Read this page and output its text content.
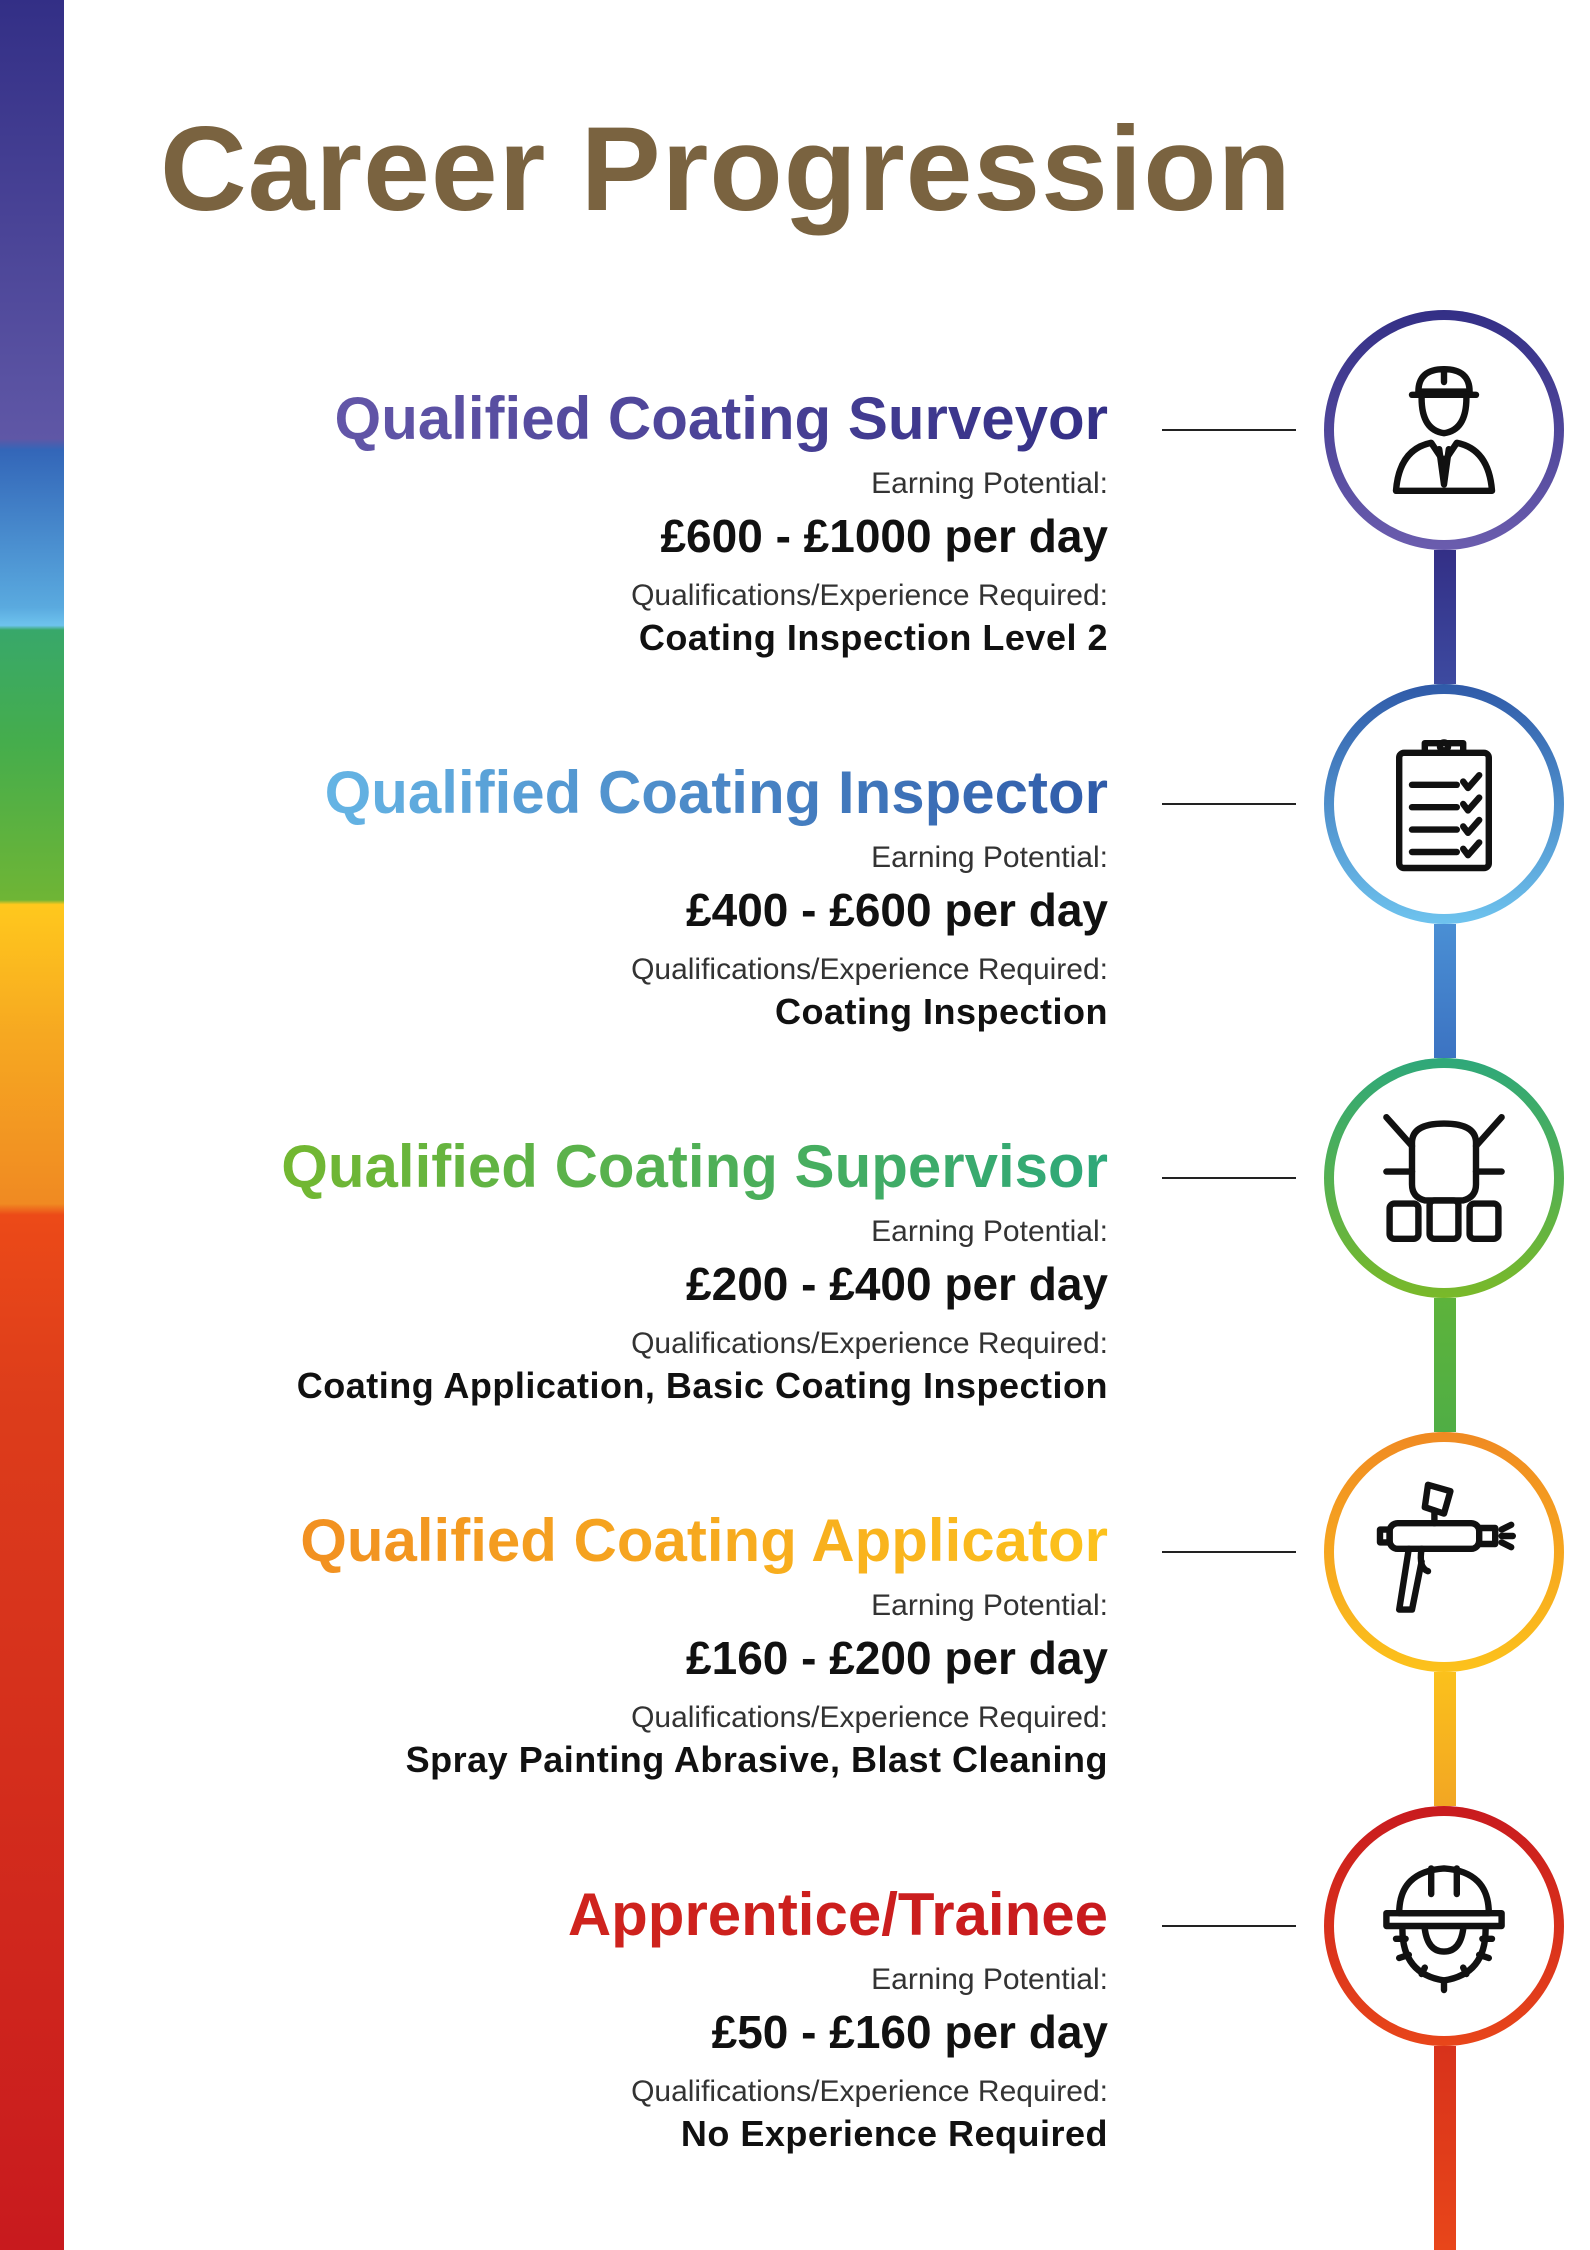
Career Progression
Qualified Coating Surveyor
Earning Potential:
£600 - £1000 per day
Qualifications/Experience Required:
Coating Inspection Level 2
Qualified Coating Inspector
Earning Potential:
£400 - £600 per day
Qualifications/Experience Required:
Coating Inspection
Qualified Coating Supervisor
Earning Potential:
£200 - £400 per day
Qualifications/Experience Required:
Coating Application, Basic Coating Inspection
Qualified Coating Applicator
Earning Potential:
£160 - £200 per day
Qualifications/Experience Required:
Spray Painting Abrasive, Blast Cleaning
Apprentice/Trainee
Earning Potential:
£50 - £160 per day
Qualifications/Experience Required:
No Experience Required
